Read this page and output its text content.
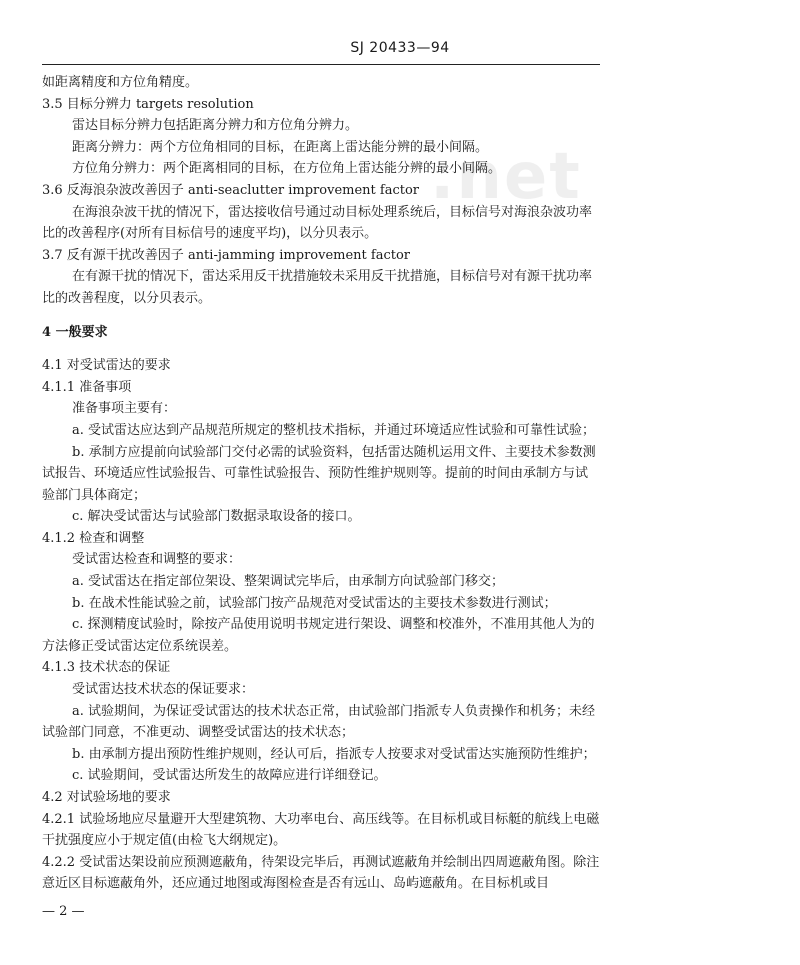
SJ 20433—94
.net
如距离精度和方位角精度。
3.5 目标分辨力 targets resolution
雷达目标分辨力包括距离分辨力和方位角分辨力。
距离分辨力：两个方位角相同的目标，在距离上雷达能分辨的最小间隔。
方位角分辨力：两个距离相同的目标，在方位角上雷达能分辨的最小间隔。
3.6 反海浪杂波改善因子 anti-seaclutter improvement factor
在海浪杂波干扰的情况下，雷达接收信号通过动目标处理系统后，目标信号对海浪杂波功率比的改善程序(对所有目标信号的速度平均)，以分贝表示。
3.7 反有源干扰改善因子 anti-jamming improvement factor
在有源干扰的情况下，雷达采用反干扰措施较未采用反干扰措施，目标信号对有源干扰功率比的改善程度，以分贝表示。
4 一般要求
4.1 对受试雷达的要求
4.1.1 准备事项
准备事项主要有：
a. 受试雷达应达到产品规范所规定的整机技术指标，并通过环境适应性试验和可靠性试验；
b. 承制方应提前向试验部门交付必需的试验资料，包括雷达随机运用文件、主要技术参数测试报告、环境适应性试验报告、可靠性试验报告、预防性维护规则等。提前的时间由承制方与试验部门具体商定；
c. 解决受试雷达与试验部门数据录取设备的接口。
4.1.2 检查和调整
受试雷达检查和调整的要求：
a. 受试雷达在指定部位架设、整架调试完毕后，由承制方向试验部门移交；
b. 在战术性能试验之前，试验部门按产品规范对受试雷达的主要技术参数进行测试；
c. 探测精度试验时，除按产品使用说明书规定进行架设、调整和校准外，不准用其他人为的方法修正受试雷达定位系统误差。
4.1.3 技术状态的保证
受试雷达技术状态的保证要求：
a. 试验期间，为保证受试雷达的技术状态正常，由试验部门指派专人负责操作和机务；未经试验部门同意，不准更动、调整受试雷达的技术状态；
b. 由承制方提出预防性维护规则，经认可后，指派专人按要求对受试雷达实施预防性维护；
c. 试验期间，受试雷达所发生的故障应进行详细登记。
4.2 对试验场地的要求
4.2.1 试验场地应尽量避开大型建筑物、大功率电台、高压线等。在目标机或目标艇的航线上电磁干扰强度应小于规定值(由检飞大纲规定)。
4.2.2 受试雷达架设前应预测遮蔽角，待架设完毕后，再测试遮蔽角并绘制出四周遮蔽角图。除注意近区目标遮蔽角外，还应通过地图或海图检查是否有远山、岛屿遮蔽角。在目标机或目
— 2 —
